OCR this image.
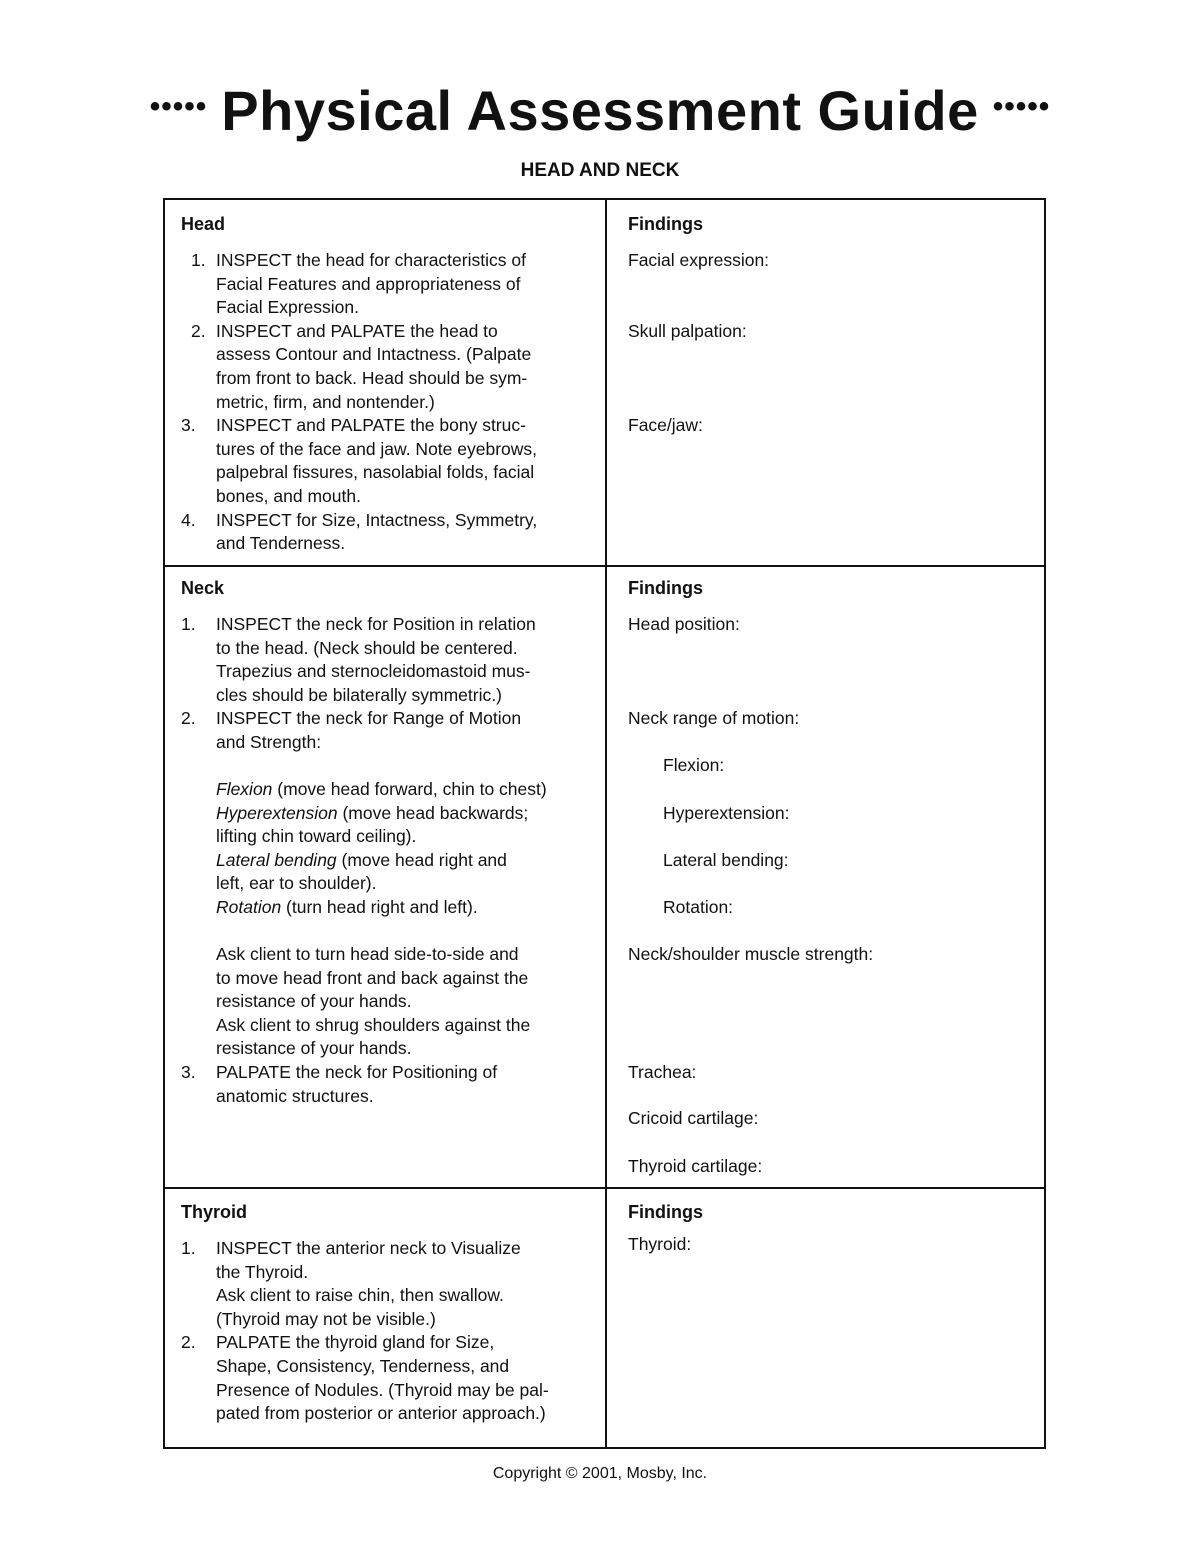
••••• Physical Assessment Guide •••••
HEAD AND NECK
Head
1. INSPECT the head for characteristics of
Facial Features and appropriateness of
Facial Expression.
2. INSPECT and PALPATE the head to
assess Contour and Intactness. (Palpate
from front to back. Head should be sym-
metric, firm, and nontender.)
3. INSPECT and PALPATE the bony struc-
tures of the face and jaw. Note eyebrows,
palpebral fissures, nasolabial folds, facial
bones, and mouth.
4. INSPECT for Size, Intactness, Symmetry,
and Tenderness.
Findings
Facial expression:
Skull palpation:
Face/jaw:
Neck
1. INSPECT the neck for Position in relation
to the head. (Neck should be centered.
Trapezius and sternocleidomastoid mus-
cles should be bilaterally symmetric.)
2. INSPECT the neck for Range of Motion
and Strength:
Flexion (move head forward, chin to chest)
Hyperextension (move head backwards;
lifting chin toward ceiling).
Lateral bending (move head right and
left, ear to shoulder).
Rotation (turn head right and left).
Ask client to turn head side-to-side and
to move head front and back against the
resistance of your hands.
Ask client to shrug shoulders against the
resistance of your hands.
3. PALPATE the neck for Positioning of
anatomic structures.
Findings
Head position:
Neck range of motion:
Flexion:
Hyperextension:
Lateral bending:
Rotation:
Neck/shoulder muscle strength:
Trachea:
Cricoid cartilage:
Thyroid cartilage:
Thyroid
1. INSPECT the anterior neck to Visualize
the Thyroid.
Ask client to raise chin, then swallow.
(Thyroid may not be visible.)
2. PALPATE the thyroid gland for Size,
Shape, Consistency, Tenderness, and
Presence of Nodules. (Thyroid may be pal-
pated from posterior or anterior approach.)
Findings
Thyroid:
Copyright © 2001, Mosby, Inc.
